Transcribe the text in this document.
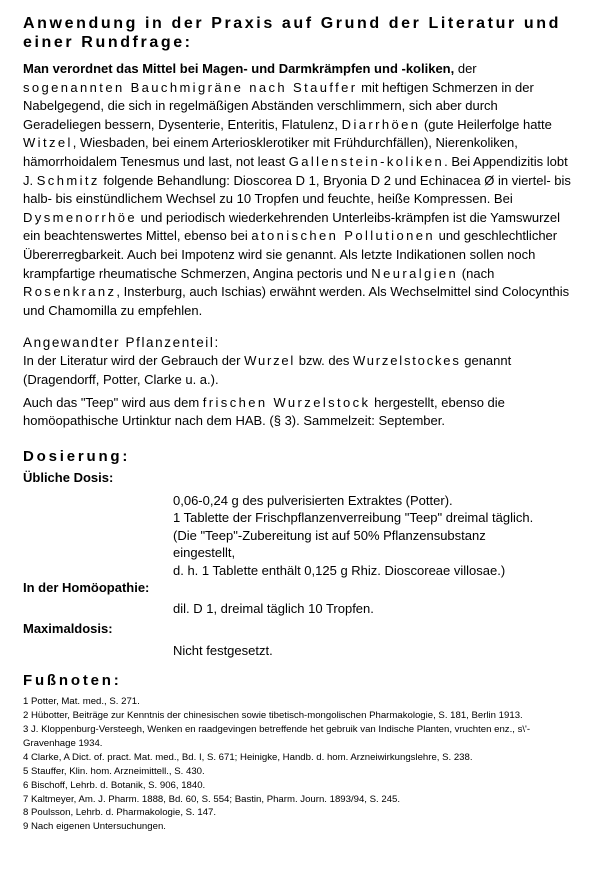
Anwendung in der Praxis auf Grund der Literatur und einer Rundfrage:

Man verordnet das Mittel bei Magen- und Darmkrämpfen und -koliken, der sogenannten Bauchmigräne nach Stauffer mit heftigen Schmerzen in der Nabelgegend, die sich in regelmäßigen Abständen verschlimmern, sich aber durch Geradeliegen bessern, Dysenterie, Enteritis, Flatulenz, Diarrhöen (gute Heilerfolge hatte Witzel, Wiesbaden, bei einem Arteriosklerotiker mit Frühdurchfällen), Nierenkoliken, hämorrhoidalem Tenesmus und last, not least Gallenstein-koliken. Bei Appendizitis lobt J. Schmitz folgende Behandlung: Dioscorea D 1, Bryonia D 2 und Echinacea Ø in viertel- bis halb- bis einstündlichem Wechsel zu 10 Tropfen und feuchte, heiße Kompressen. Bei Dysmenorrhöe und periodisch wiederkehrenden Unterleibs-krämpfen ist die Yamswurzel ein beachtenswertes Mittel, ebenso bei atonischen Pollutionen und geschlechtlicher Übererregbarkeit. Auch bei Impotenz wird sie genannt. Als letzte Indikationen sollen noch krampfartige rheumatische Schmerzen, Angina pectoris und Neuralgien (nach Rosenkranz, Insterburg, auch Ischias) erwähnt werden. Als Wechselmittel sind Colocynthis und Chamomilla zu empfehlen.

Angewandter Pflanzenteil:

In der Literatur wird der Gebrauch der Wurzel bzw. des Wurzelstockes genannt (Dragendorff, Potter, Clarke u. a.).

Auch das "Teep" wird aus dem frischen Wurzelstock hergestellt, ebenso die homöopathische Urtinktur nach dem HAB. (§ 3). Sammelzeit: September.

Dosierung:
Übliche Dosis:
0,06-0,24 g des pulverisierten Extraktes (Potter).
1 Tablette der Frischpflanzenverreibung "Teep" dreimal täglich.
(Die "Teep"-Zubereitung ist auf 50% Pflanzensubstanz
eingestellt,
d. h. 1 Tablette enthält 0,125 g Rhiz. Dioscoreae villosae.)
In der Homöopathie:
dil. D 1, dreimal täglich 10 Tropfen.
Maximaldosis:
Nicht festgesetzt.
Fußnoten:
1 Potter, Mat. med., S. 271.
2 Hübotter, Beiträge zur Kenntnis der chinesischen sowie tibetisch-mongolischen Pharmakologie, S. 181, Berlin 1913.
3 J. Kloppenburg-Versteegh, Wenken en raadgevingen betreffende het gebruik van Indische Planten, vruchten enz., s\'-Gravenhage 1934.
4 Clarke, A Dict. of. pract. Mat. med., Bd. I, S. 671; Heinigke, Handb. d. hom. Arzneiwirkungslehre, S. 238.
5 Stauffer, Klin. hom. Arzneimittell., S. 430.
6 Bischoff, Lehrb. d. Botanik, S. 906, 1840.
7 Kaltmeyer, Am. J. Pharm. 1888, Bd. 60, S. 554; Bastin, Pharm. Journ. 1893/94, S. 245.
8 Poulsson, Lehrb. d. Pharmakologie, S. 147.
9 Nach eigenen Untersuchungen.
